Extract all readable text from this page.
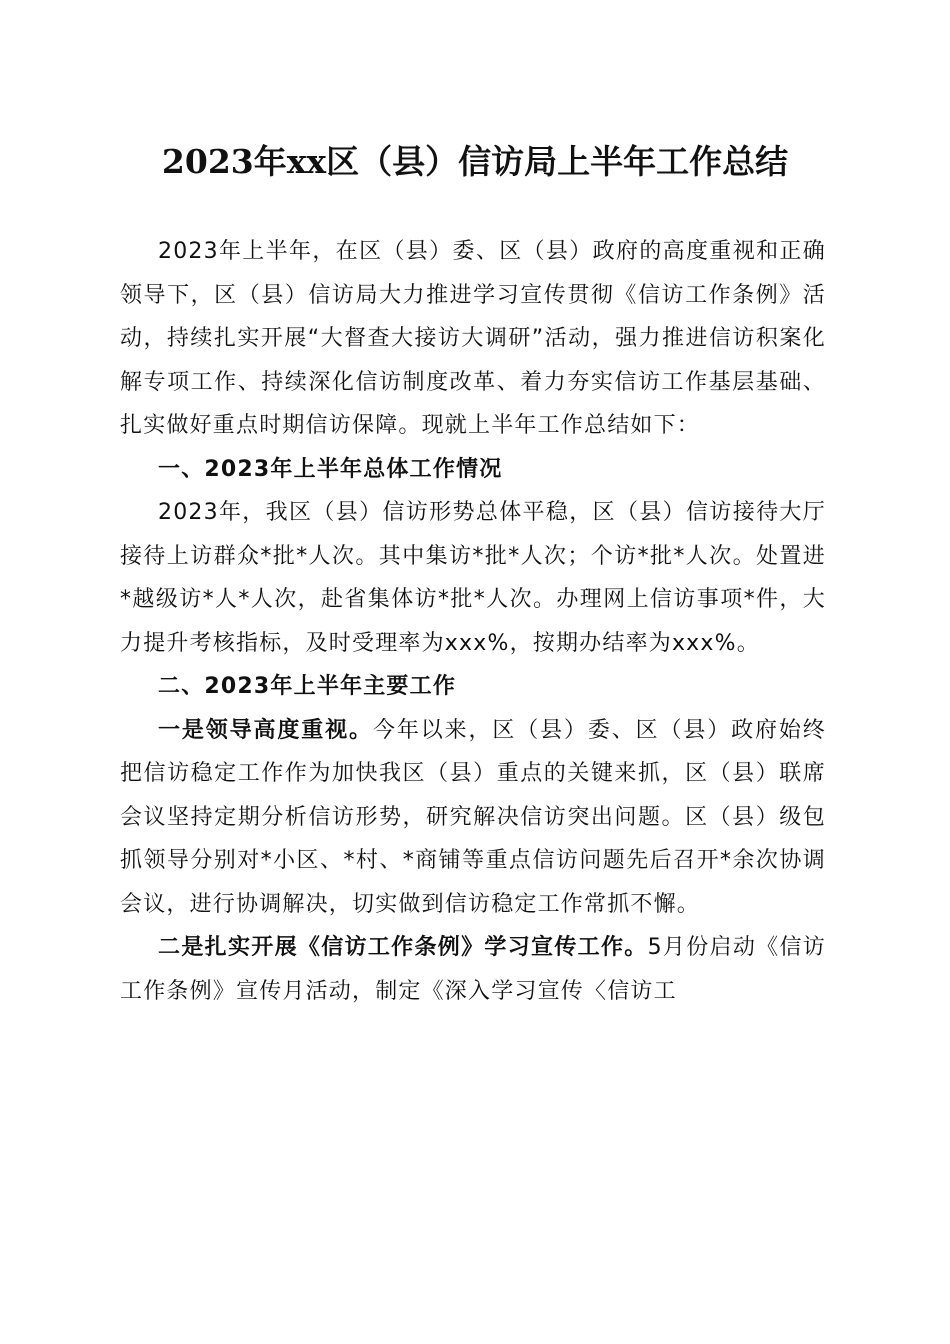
2023年xx区（县）信访局上半年工作总结

2023年上半年，在区（县）委、区（县）政府的高度重视和正确领导下，区（县）信访局大力推进学习宣传贯彻《信访工作条例》活动，持续扎实开展“大督查大接访大调研”活动，强力推进信访积案化解专项工作、持续深化信访制度改革、着力夯实信访工作基层基础、扎实做好重点时期信访保障。现就上半年工作总结如下：

一、2023年上半年总体工作情况

2023年，我区（县）信访形势总体平稳，区（县）信访接待大厅接待上访群众*批*人次。其中集访*批*人次；个访*批*人次。处置进*越级访*人*人次，赴省集体访*批*人次。办理网上信访事项*件，大力提升考核指标，及时受理率为xxx%，按期办结率为xxx%。

二、2023年上半年主要工作

一是领导高度重视。今年以来，区（县）委、区（县）政府始终把信访稳定工作作为加快我区（县）重点的关键来抓，区（县）联席会议坚持定期分析信访形势，研究解决信访突出问题。区（县）级包抓领导分别对*小区、*村、*商铺等重点信访问题先后召开*余次协调会议，进行协调解决，切实做到信访稳定工作常抓不懈。

二是扎实开展《信访工作条例》学习宣传工作。5月份启动《信访工作条例》宣传月活动，制定《深入学习宣传〈信访工
